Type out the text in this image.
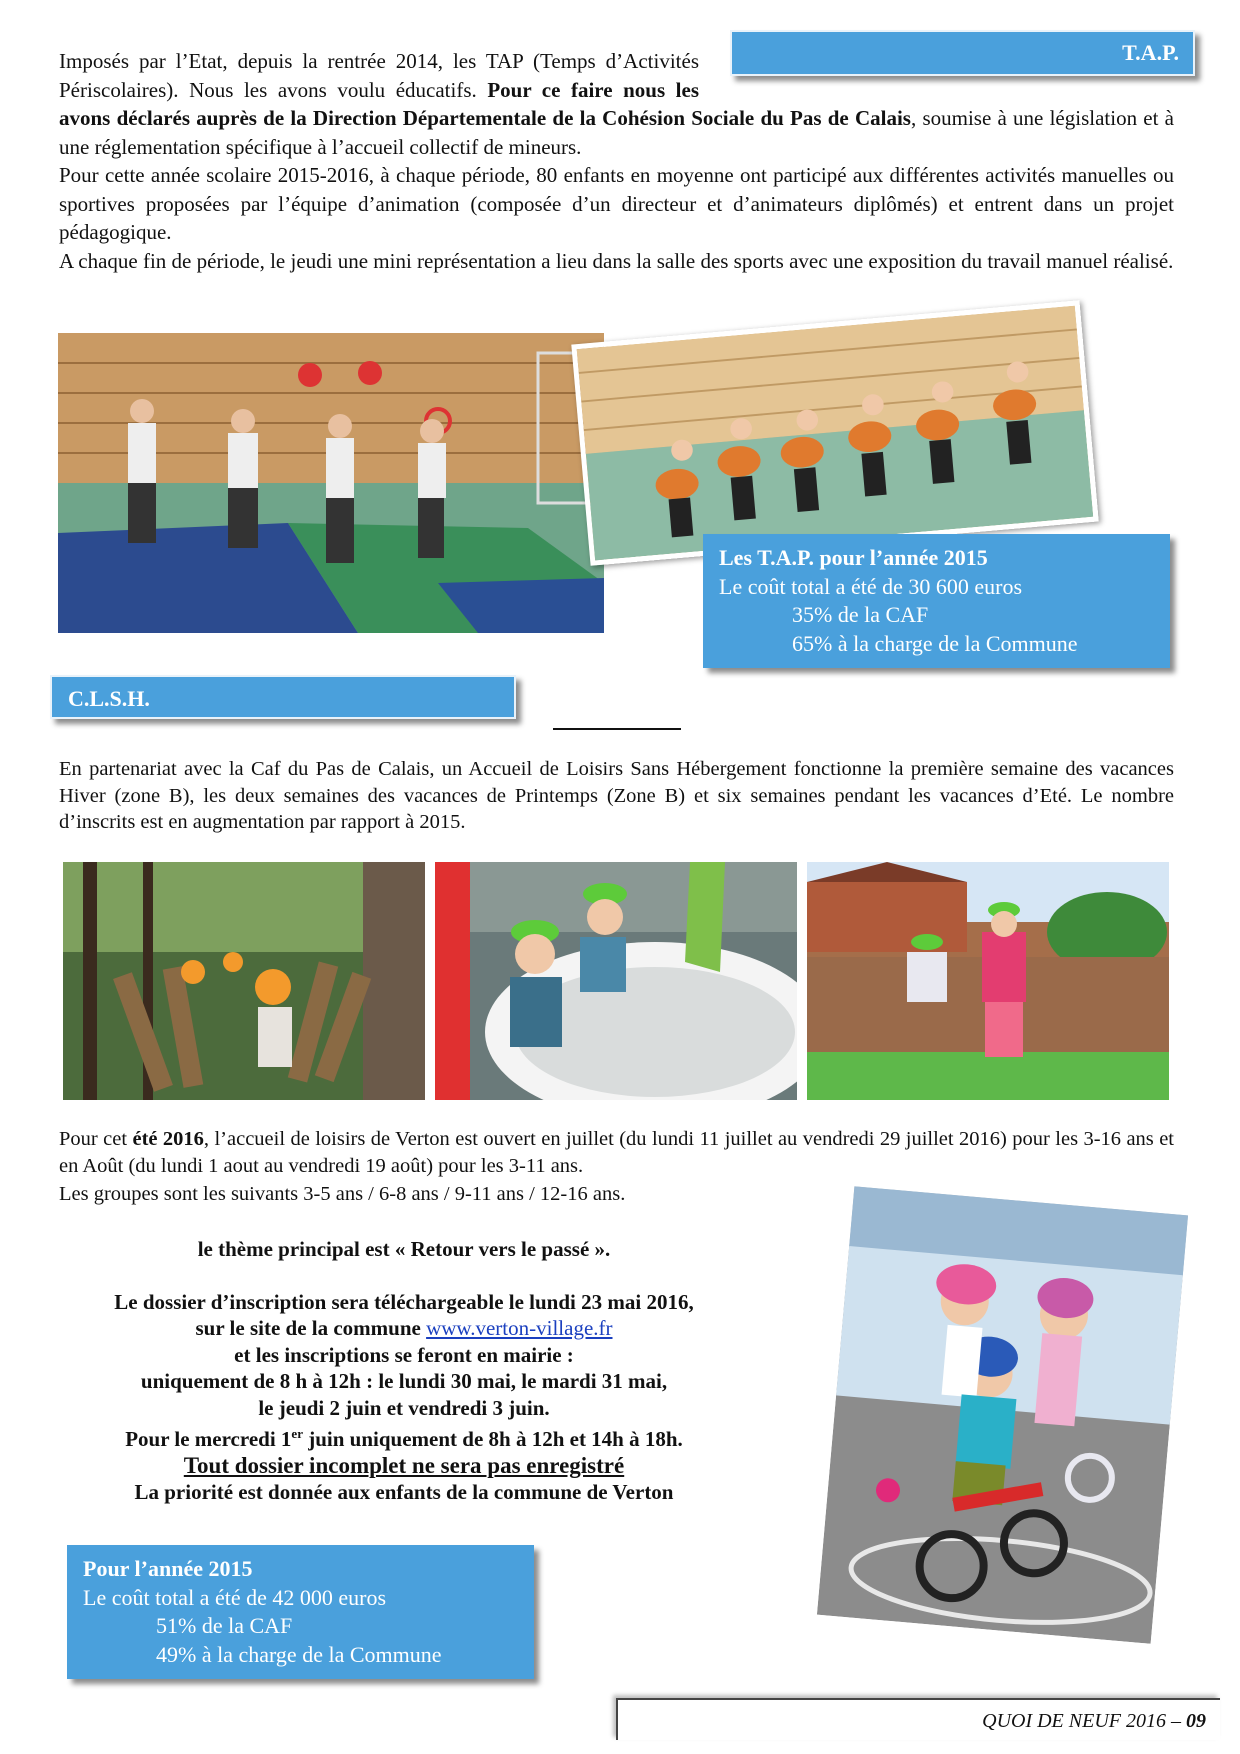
T.A.P.

Imposés par l’Etat, depuis la rentrée 2014, les TAP (Temps d’Activités Périscolaires). Nous les avons voulu éducatifs. Pour ce faire nous les avons déclarés auprès de la Direction Départementale de la Cohésion Sociale du Pas de Calais, soumise à une législation et à une réglementation spécifique à l’accueil collectif de mineurs.

Pour cette année scolaire 2015-2016, à chaque période, 80 enfants en moyenne ont participé aux différentes activités manuelles ou sportives proposées par l’équipe d’animation (composée d’un directeur et d’animateurs diplômés) et entrent dans un projet pédagogique.

A chaque fin de période, le jeudi une mini représentation a lieu dans la salle des sports avec une exposition du travail manuel réalisé.

Les T.A.P. pour l’année 2015
Le coût total a été de 30 600 euros
35% de la CAF
65% à la charge de la Commune
C.L.S.H.

En partenariat avec la Caf du Pas de Calais, un Accueil de Loisirs Sans Hébergement fonctionne la première semaine des vacances Hiver (zone B), les deux semaines des vacances de Printemps (Zone B) et six semaines pendant les vacances d’Eté. Le nombre d’inscrits est en augmentation par rapport à 2015.

Pour cet été 2016, l’accueil de loisirs de Verton est ouvert en juillet (du lundi 11 juillet au vendredi 29 juillet 2016) pour les 3-16 ans et en Août (du lundi 1 aout au vendredi 19 août) pour les 3-11 ans.

Les groupes sont les suivants 3-5 ans / 6-8 ans / 9-11 ans / 12-16 ans.

le thème principal est « Retour vers le passé ».
Le dossier d’inscription sera téléchargeable le lundi 23 mai 2016,
sur le site de la commune www.verton-village.fr
et les inscriptions se feront en mairie :
uniquement de 8 h à 12h : le lundi 30 mai, le mardi 31 mai,
le jeudi 2 juin et vendredi 3 juin.
Pour le mercredi 1er juin uniquement de 8h à 12h et 14h à 18h.
Tout dossier incomplet ne sera pas enregistré
La priorité est donnée aux enfants de la commune de Verton
Pour l’année 2015
Le coût total a été de 42 000 euros
51% de la CAF
49% à la charge de la Commune
QUOI DE NEUF 2016 – 09
